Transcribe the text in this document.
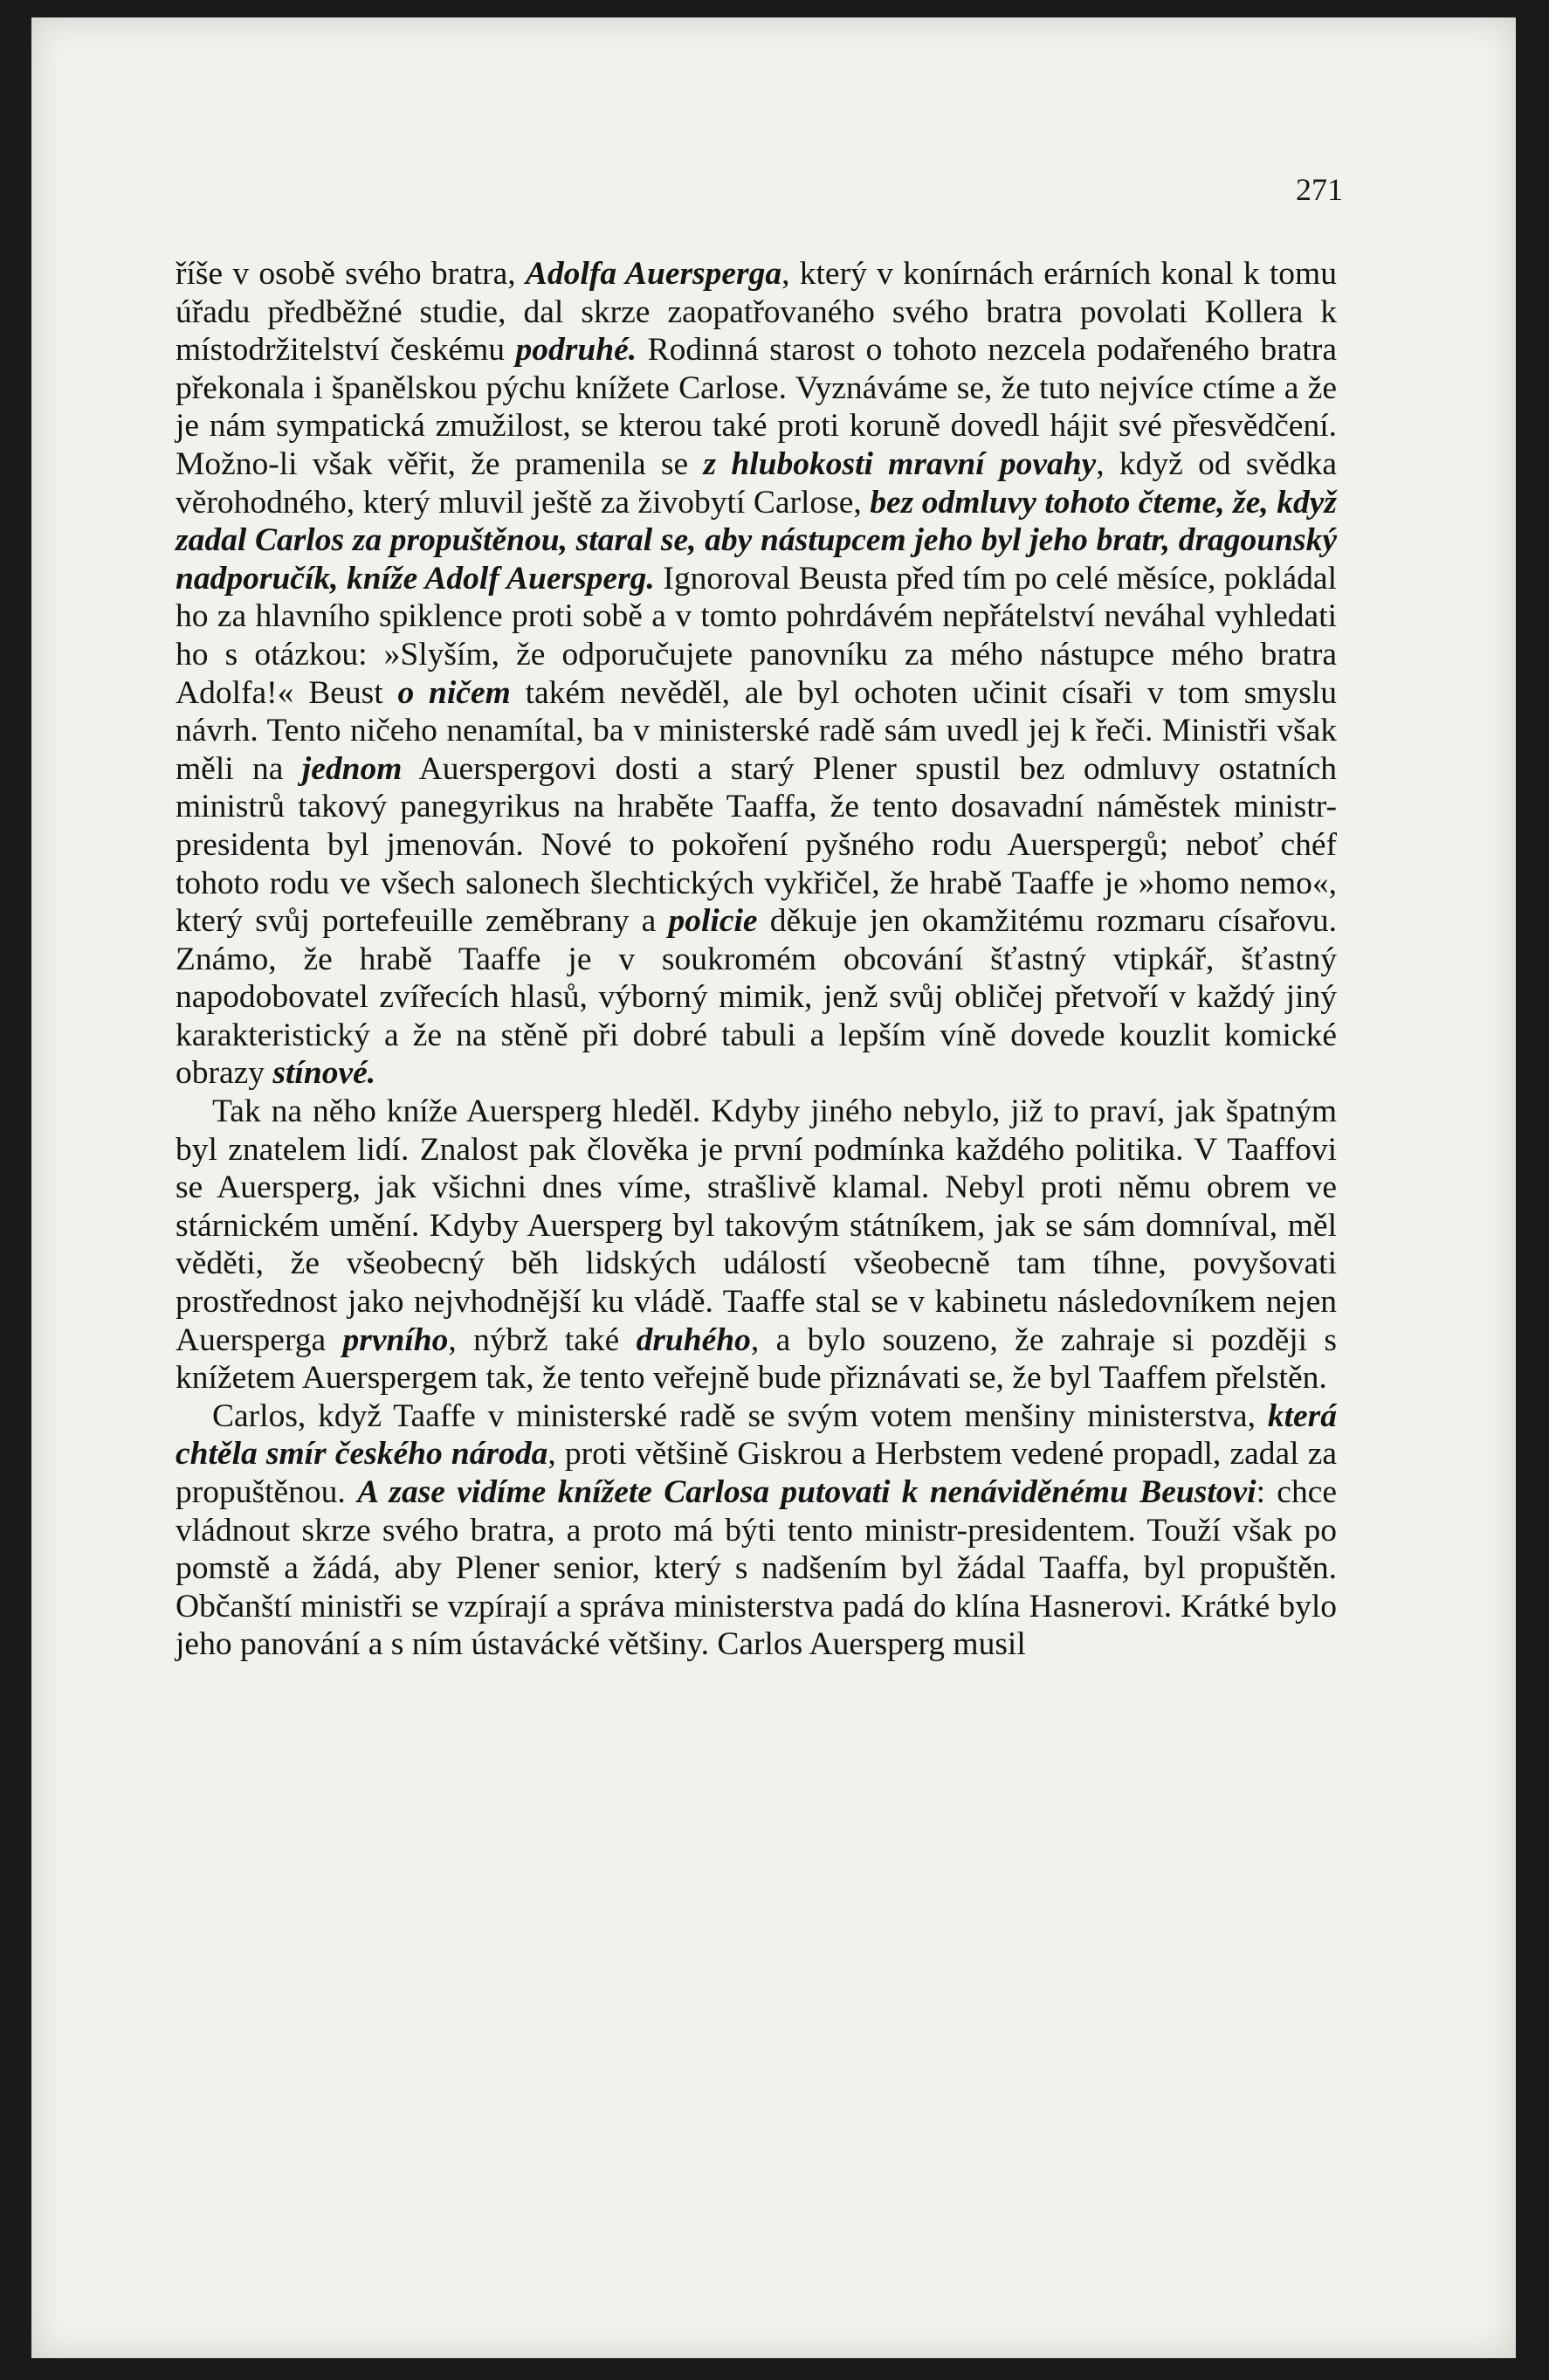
271

říše v osobě svého bratra, Adolfa Auersperga, který v konírnách erárních konal k tomu úřadu předběžné studie, dal skrze zaopatřovaného svého bratra povolati Kollera k místodržitelství českému podruhé. Rodinná starost o tohoto nezcela podařeného bratra překonala i španělskou pýchu knížete Carlose. Vyznáváme se, že tuto nejvíce ctíme a že je nám sympatická zmužilost, se kterou také proti koruně dovedl hájit své přesvědčení. Možno-li však věřit, že pramenila se z hlubokosti mravní povahy, když od svědka věrohodného, který mluvil ještě za živobytí Carlose, bez odmluvy tohoto čteme, že, když zadal Carlos za propuštěnou, staral se, aby nástupcem jeho byl jeho bratr, dragounský nadporučík, kníže Adolf Auersperg. Ignoroval Beusta před tím po celé měsíce, pokládal ho za hlavního spiklence proti sobě a v tomto pohrdávém nepřátelství neváhal vyhledati ho s otázkou: »Slyším, že odporučujete panovníku za mého nástupce mého bratra Adolfa!« Beust o ničem takém nevěděl, ale byl ochoten učinit císaři v tom smyslu návrh. Tento ničeho nenamítal, ba v ministerské radě sám uvedl jej k řeči. Ministři však měli na jednom Auerspergovi dosti a starý Plener spustil bez odmluvy ostatních ministrů takový panegyrikus na hraběte Taaffa, že tento dosavadní náměstek ministr-presidenta byl jmenován. Nové to pokoření pyšného rodu Auerspergů; neboť chéf tohoto rodu ve všech salonech šlechtických vykřičel, že hrabě Taaffe je »homo nemo«, který svůj portefeuille zeměbrany a policie děkuje jen okamžitému rozmaru císařovu. Známo, že hrabě Taaffe je v soukromém obcování šťastný vtipkář, šťastný napodobovatel zvířecích hlasů, výborný mimik, jenž svůj obličej přetvoří v každý jiný karakteristický a že na stěně při dobré tabuli a lepším víně dovede kouzlit komické obrazy stínové.

Tak na něho kníže Auersperg hleděl. Kdyby jiného nebylo, již to praví, jak špatným byl znatelem lidí. Znalost pak člověka je první podmínka každého politika. V Taaffovi se Auersperg, jak všichni dnes víme, strašlivě klamal. Nebyl proti němu obrem ve stárnickém umění. Kdyby Auersperg byl takovým státníkem, jak se sám domníval, měl věděti, že všeobecný běh lidských událostí všeobecně tam tíhne, povyšovati prostřednost jako nejvhodnější ku vládě. Taaffe stal se v kabinetu následovníkem nejen Auersperga prvního, nýbrž také druhého, a bylo souzeno, že zahraje si později s knížetem Auerspergem tak, že tento veřejně bude přiznávati se, že byl Taaffem přelstěn.

Carlos, když Taaffe v ministerské radě se svým votem menšiny ministerstva, která chtěla smír českého národa, proti většině Giskrou a Herbstem vedené propadl, zadal za propuštěnou. A zase vidíme knížete Carlosa putovati k nenáviděnému Beustovi: chce vládnout skrze svého bratra, a proto má býti tento ministr-presidentem. Touží však po pomstě a žádá, aby Plener senior, který s nadšením byl žádal Taaffa, byl propuštěn. Občanští ministři se vzpírají a správa ministerstva padá do klína Hasnerovi. Krátké bylo jeho panování a s ním ústavácké většiny. Carlos Auersperg musil
